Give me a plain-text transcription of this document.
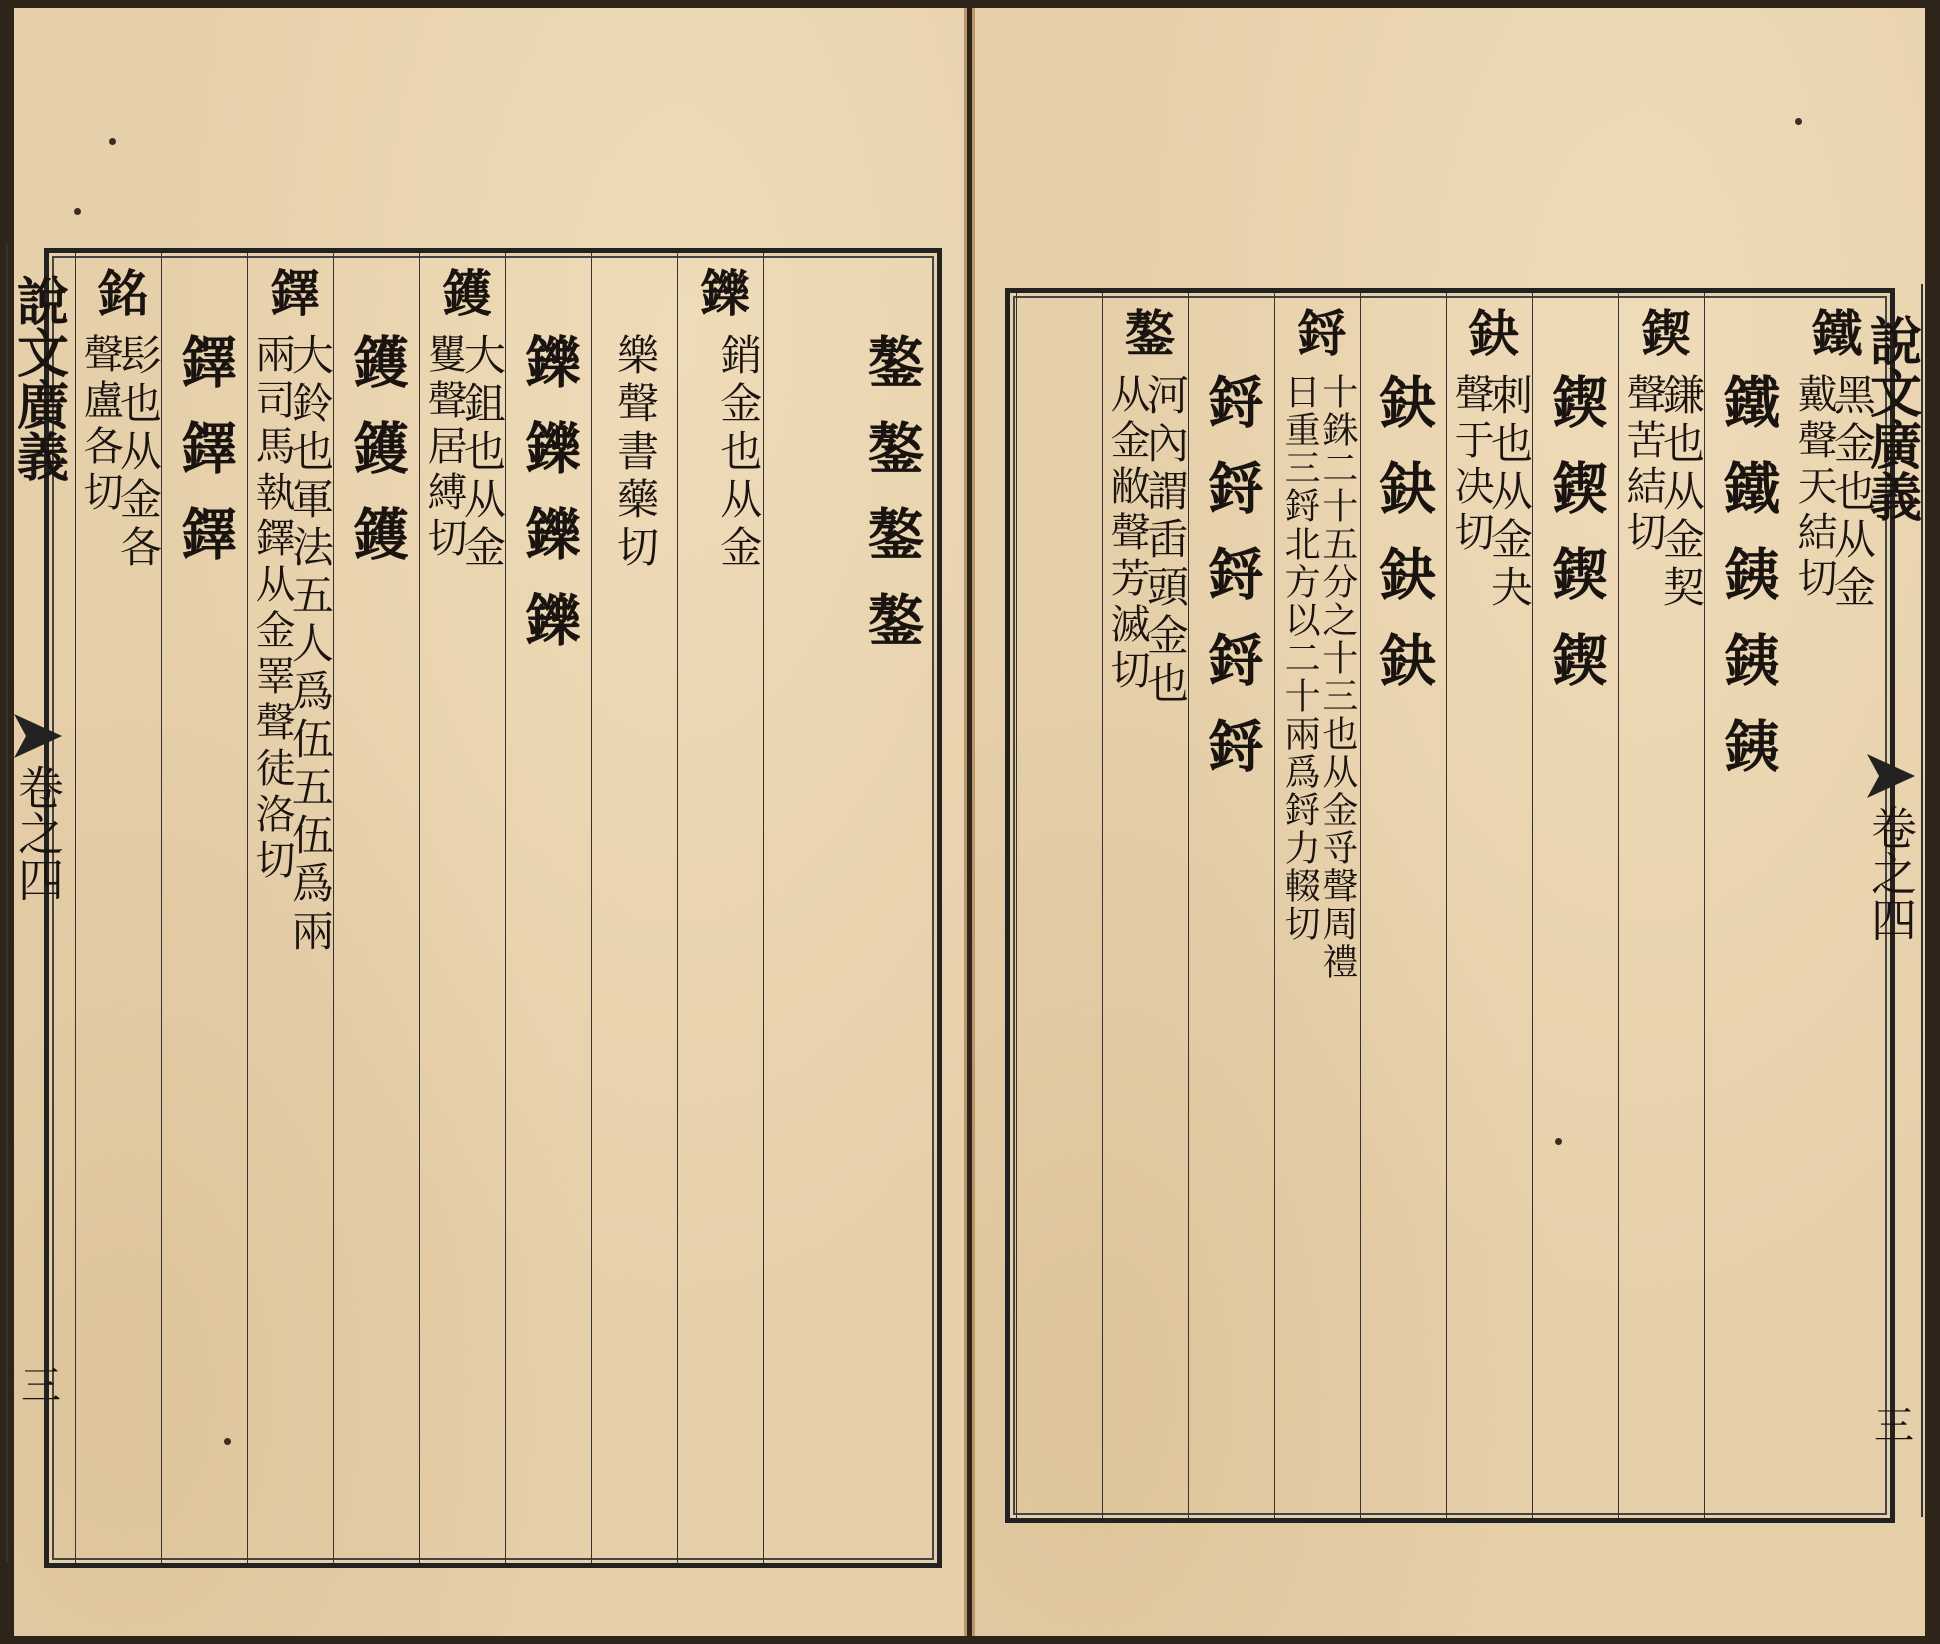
鏊鏊鏊鏊
鑠
銷金也从金
樂聲書藥切
鑠鑠鑠鑠
鑊
大鉏也从金
矍聲居縛切
鑊鑊鑊
鐸
大鈴也軍法五人爲伍五伍爲兩
兩司馬執鐸从金睪聲徒洛切
鐸鐸鐸
銘
髟也从金各
聲盧各切
說文廣義
卷之四
三
鐵
黑金也从金
戴聲天結切
鐵鐵銕銕銕
鍥
鎌也从金契
聲苦結切
鍥鍥鍥鍥
鈌
刺也从金夬
聲于决切
鈌鈌鈌鈌
鋝
十銖二十五分之十三也从金寽聲周禮
日重三鋝北方以二十兩爲鋝力輟切
鋝鋝鋝鋝鋝
鏊
河內謂臿頭金也
从金敝聲芳滅切	說文廣義
卷之四
三
